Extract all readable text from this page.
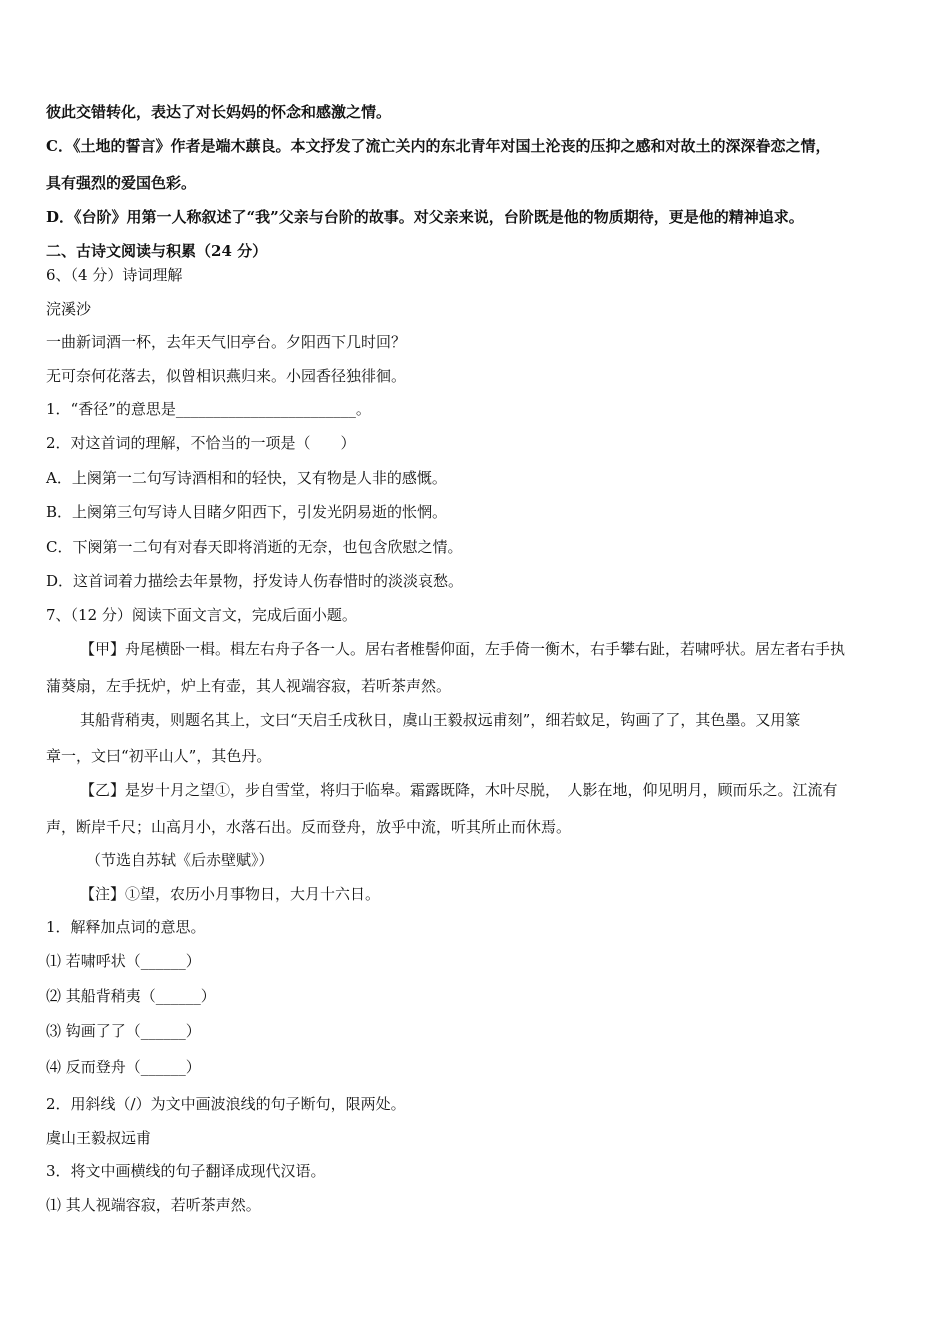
彼此交错转化，表达了对长妈妈的怀念和感激之情。
C．《土地的誓言》作者是端木蕻良。本文抒发了流亡关内的东北青年对国土沦丧的压抑之感和对故土的深深眷恋之情，
具有强烈的爱国色彩。
D．《台阶》用第一人称叙述了“我”父亲与台阶的故事。对父亲来说，台阶既是他的物质期待，更是他的精神追求。
二、古诗文阅读与积累（24 分）
6、（4 分）诗词理解
浣溪沙
一曲新词酒一杯，去年天气旧亭台。夕阳西下几时回？
无可奈何花落去，似曾相识燕归来。小园香径独徘徊。
1．“香径”的意思是________________________。
2．对这首词的理解，不恰当的一项是（　　）
A．上阕第一二句写诗酒相和的轻快，又有物是人非的感慨。
B．上阕第三句写诗人目睹夕阳西下，引发光阴易逝的怅惘。
C．下阕第一二句有对春天即将消逝的无奈，也包含欣慰之情。
D．这首词着力描绘去年景物，抒发诗人伤春惜时的淡淡哀愁。
7、（12 分）阅读下面文言文，完成后面小题。
【甲】舟尾横卧一楫。楫左右舟子各一人。居右者椎髻仰面，左手倚一衡木，右手攀右趾，若啸呼状。居左者右手执
蒲葵扇，左手抚炉，炉上有壶，其人视端容寂，若听茶声然。
其船背稍夷，则题名其上，文曰“天启壬戌秋日，虞山王毅叔远甫刻”，细若蚊足，钩画了了，其色墨。又用篆
章一，文曰“初平山人”，其色丹。
【乙】是岁十月之望①，步自雪堂，将归于临皋。霜露既降，木叶尽脱，　人影在地，仰见明月，顾而乐之。江流有
声，断岸千尺；山高月小，水落石出。反而登舟，放乎中流，听其所止而休焉。
（节选自苏轼《后赤壁赋》）
【注】①望，农历小月事物日，大月十六日。
1．解释加点词的意思。
⑴ 若啸呼状（______）
⑵ 其船背稍夷（______）
⑶ 钩画了了（______）
⑷ 反而登舟（______）
2．用斜线（/）为文中画波浪线的句子断句，限两处。
虞山王毅叔远甫
3．将文中画横线的句子翻译成现代汉语。
⑴ 其人视端容寂，若听茶声然。
